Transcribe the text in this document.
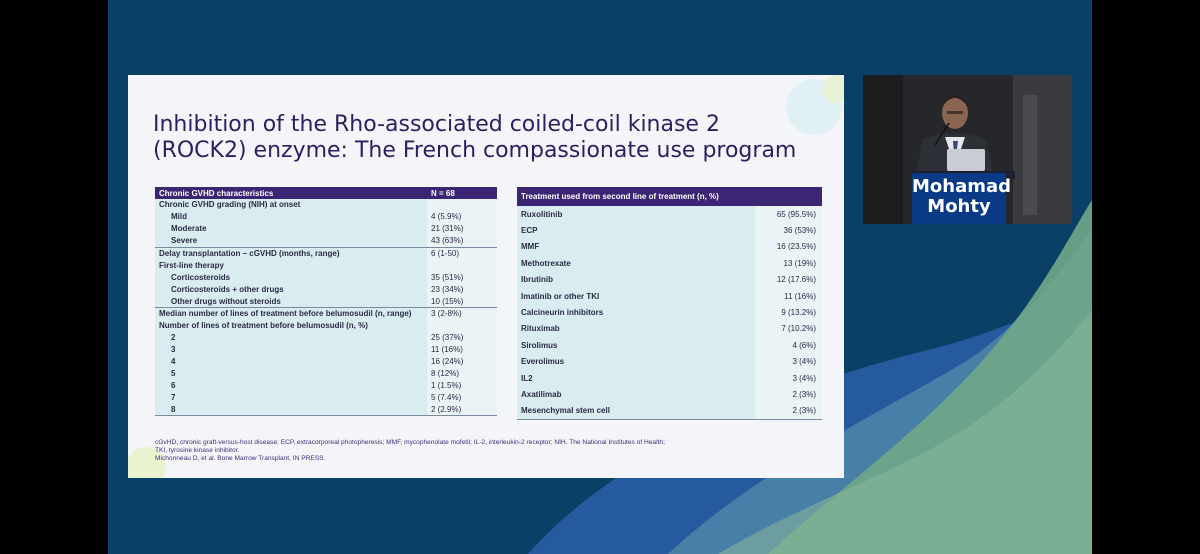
Inhibition of the Rho-associated coiled-coil kinase 2 (ROCK2) enzyme: The French compassionate use program
Chronic GVHD characteristics	N = 68
Chronic GVHD grading (NIH) at onset	
Mild	4 (5.9%)
Moderate	21 (31%)
Severe	43 (63%)
Delay transplantation – cGVHD (months, range)	6 (1-50)
First-line therapy	
Corticosteroids	35 (51%)
Corticosteroids + other drugs	23 (34%)
Other drugs without steroids	10 (15%)
Median number of lines of treatment before belumosudil (n, range)	3 (2-8%)
Number of lines of treatment before belumosudil (n, %)	
2	25 (37%)
3	11 (16%)
4	16 (24%)
5	8 (12%)
6	1 (1.5%)
7	5 (7.4%)
8	2 (2.9%)
Treatment used from second line of treatment (n, %)	
Ruxolitinib	65 (95.5%)
ECP	36 (53%)
MMF	16 (23.5%)
Methotrexate	13 (19%)
Ibrutinib	12 (17.6%)
Imatinib or other TKI	11 (16%)
Calcineurin inhibitors	9 (13.2%)
Rituximab	7 (10.2%)
Sirolimus	4 (6%)
Everolimus	3 (4%)
IL2	3 (4%)
Axatilimab	2 (3%)
Mesenchymal stem cell	2 (3%)
cGvHD, chronic graft-versus-host disease; ECP, extracorporeal photopheresis; MMF, mycophenolate mofetil; IL-2, interleukin-2 receptor; NIH, The National Institutes of Health;
TKI, tyrosine kinase inhibitor.
Michonneau D, et al. Bone Marrow Transplant, IN PRESS.
Mohamad
Mohty
